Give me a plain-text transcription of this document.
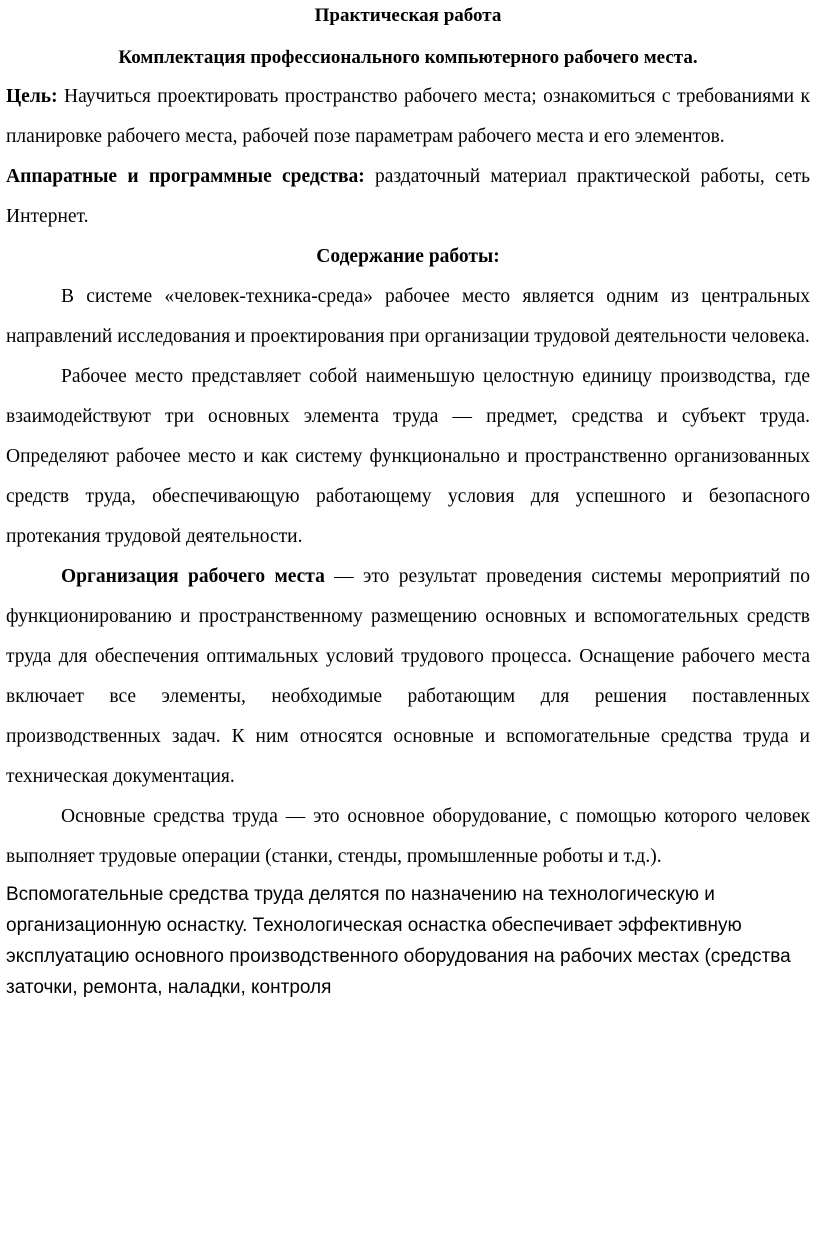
Практическая работа
Комплектация профессионального компьютерного рабочего места.

Цель: Научиться проектировать пространство рабочего места; ознакомиться с требованиями к планировке рабочего места, рабочей позе параметрам рабочего места и его элементов.

Аппаратные и программные средства: раздаточный материал практической работы, сеть Интернет.

Содержание работы:

В системе «человек-техника-среда» рабочее место является одним из центральных направлений исследования и проектирования при организации трудовой деятельности человека.

Рабочее место представляет собой наименьшую целостную единицу производства, где взаимодействуют три основных элемента труда — предмет, средства и субъект труда. Определяют рабочее место и как систему функционально и пространственно организованных средств труда, обеспечивающую работающему условия для успешного и безопасного протекания трудовой деятельности.

Организация рабочего места — это результат проведения системы мероприятий по функционированию и пространственному размещению основных и вспомогательных средств труда для обеспечения оптимальных условий трудового процесса. Оснащение рабочего места включает все элементы, необходимые работающим для решения поставленных производственных задач. К ним относятся основные и вспомогательные средства труда и техническая документация.

Основные средства труда — это основное оборудование, с помощью которого человек выполняет трудовые операции (станки, стенды, промышленные роботы и т.д.).

Вспомогательные средства труда делятся по назначению на технологическую и организационную оснастку. Технологическая оснастка обеспечивает эффективную эксплуатацию основного производственного оборудования на рабочих местах (средства заточки, ремонта, наладки, контроля
